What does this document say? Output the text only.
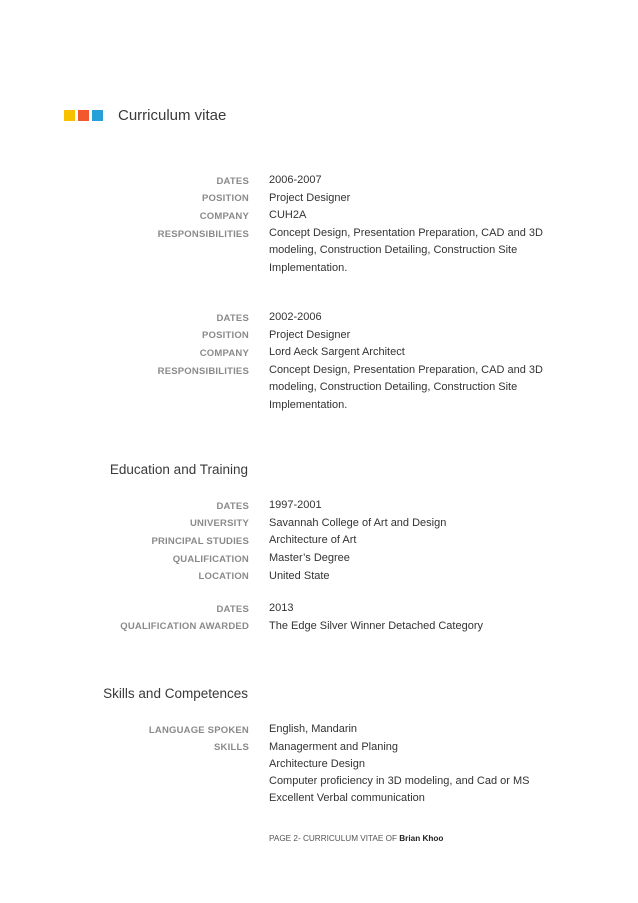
Curriculum vitae
DATES 2006-2007
POSITION Project Designer
COMPANY CUH2A
RESPONSIBILITIES Concept Design, Presentation Preparation, CAD and 3D modeling, Construction Detailing, Construction Site Implementation.
DATES 2002-2006
POSITION Project Designer
COMPANY Lord Aeck Sargent Architect
RESPONSIBILITIES Concept Design, Presentation Preparation, CAD and 3D modeling, Construction Detailing, Construction Site Implementation.
Education and Training
DATES 1997-2001
UNIVERSITY Savannah College of Art and Design
PRINCIPAL STUDIES Architecture of Art
QUALIFICATION Master’s Degree
LOCATION United State
DATES 2013
QUALIFICATION AWARDED The Edge Silver Winner Detached Category
Skills and Competences
LANGUAGE SPOKEN English, Mandarin
SKILLS Managerment and Planing
Architecture Design
Computer proficiency in 3D modeling, and Cad or MS
Excellent Verbal communication
PAGE 2- CURRICULUM VITAE OF Brian Khoo
